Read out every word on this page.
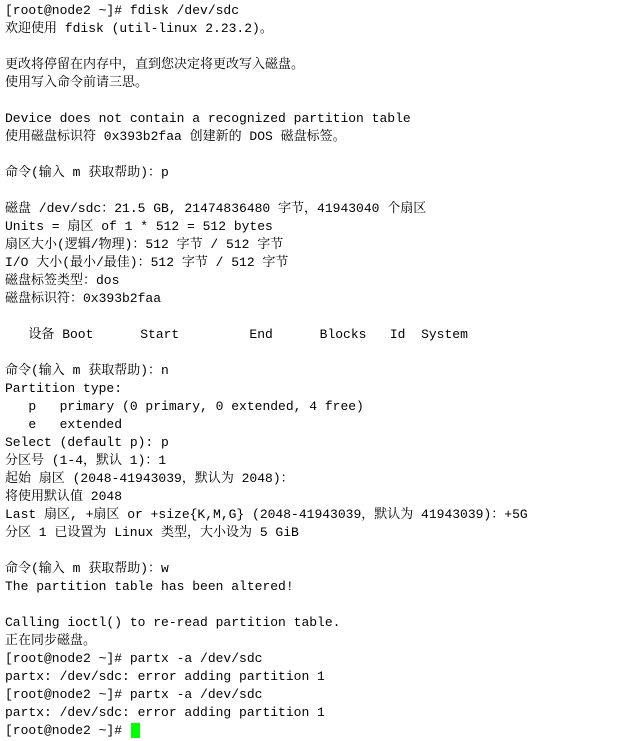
[root@node2 ~]# fdisk /dev/sdc
欢迎使用 fdisk (util-linux 2.23.2)。
更改将停留在内存中，直到您决定将更改写入磁盘。
使用写入命令前请三思。
Device does not contain a recognized partition table
使用磁盘标识符 0x393b2faa 创建新的 DOS 磁盘标签。
命令(输入 m 获取帮助)：p
磁盘 /dev/sdc：21.5 GB, 21474836480 字节，41943040 个扇区
Units = 扇区 of 1 * 512 = 512 bytes
扇区大小(逻辑/物理)：512 字节 / 512 字节
I/O 大小(最小/最佳)：512 字节 / 512 字节
磁盘标签类型：dos
磁盘标识符：0x393b2faa
设备 Boot      Start         End      Blocks   Id  System
命令(输入 m 获取帮助)：n
Partition type:
p   primary (0 primary, 0 extended, 4 free)
e   extended
Select (default p): p
分区号 (1-4，默认 1)：1
起始 扇区 (2048-41943039，默认为 2048)：
将使用默认值 2048
Last 扇区, +扇区 or +size{K,M,G} (2048-41943039，默认为 41943039)：+5G
分区 1 已设置为 Linux 类型，大小设为 5 GiB
命令(输入 m 获取帮助)：w
The partition table has been altered!
Calling ioctl() to re-read partition table.
正在同步磁盘。
[root@node2 ~]# partx -a /dev/sdc
partx: /dev/sdc: error adding partition 1
[root@node2 ~]# partx -a /dev/sdc
partx: /dev/sdc: error adding partition 1
[root@node2 ~]#
